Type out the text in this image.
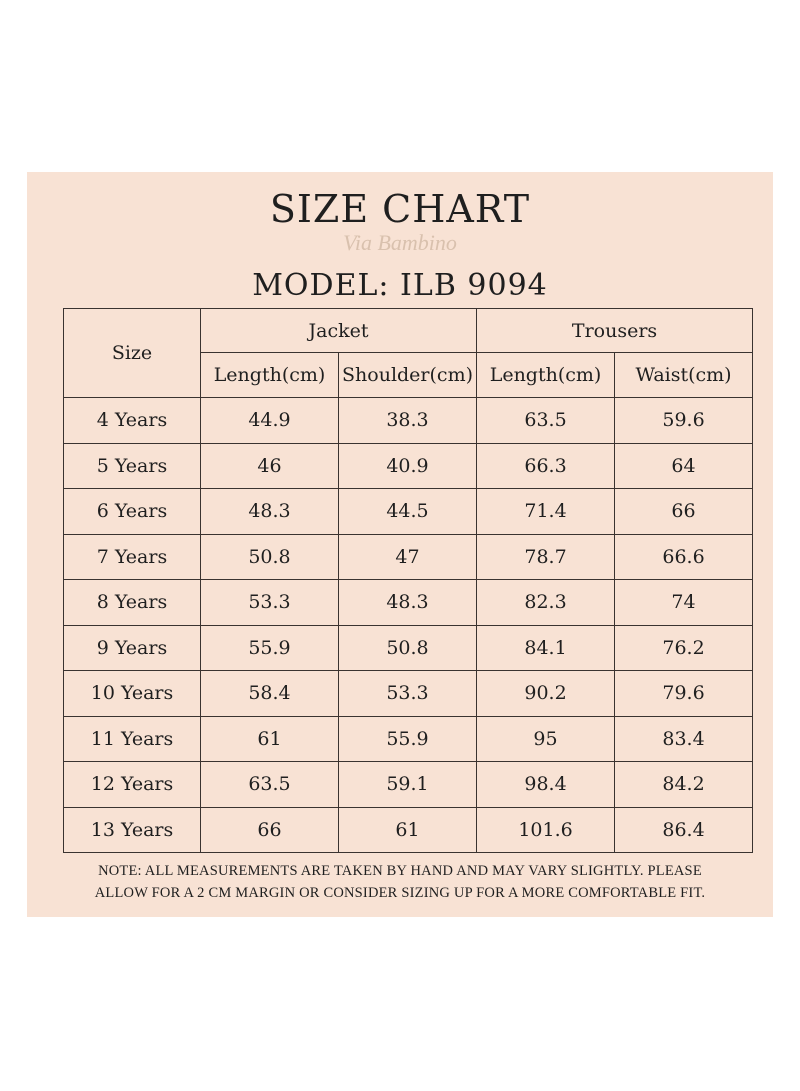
SIZE CHART
Via Bambino
MODEL: ILB 9094
Size	Jacket		Trousers	
	Length(cm)	Shoulder(cm)	Length(cm)	Waist(cm)
4 Years	44.9	38.3	63.5	59.6
5 Years	46	40.9	66.3	64
6 Years	48.3	44.5	71.4	66
7 Years	50.8	47	78.7	66.6
8 Years	53.3	48.3	82.3	74
9 Years	55.9	50.8	84.1	76.2
10 Years	58.4	53.3	90.2	79.6
11 Years	61	55.9	95	83.4
12 Years	63.5	59.1	98.4	84.2
13 Years	66	61	101.6	86.4
NOTE: ALL MEASUREMENTS ARE TAKEN BY HAND AND MAY VARY SLIGHTLY. PLEASE
ALLOW FOR A 2 CM MARGIN OR CONSIDER SIZING UP FOR A MORE COMFORTABLE FIT.
